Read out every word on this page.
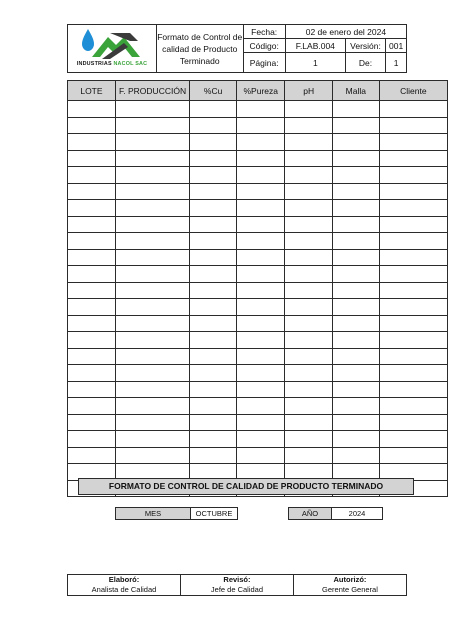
INDUSTRIAS NACOL SAC	Formato de Control de calidad de Producto Terminado	Fecha:	02 de enero del 2024		
		Código:	F.LAB.004	Versión:	001
		Página:	1	De:	1
LOTE	F. PRODUCCIÓN	%Cu	%Pureza	pH	Malla	Cliente

FORMATO DE CONTROL DE CALIDAD DE PRODUCTO TERMINADO
MES	OCTUBRE	AÑO	2024
Elaboró:
Analista de Calidad

Revisó:
Jefe de Calidad

Autorizó:
Gerente General
